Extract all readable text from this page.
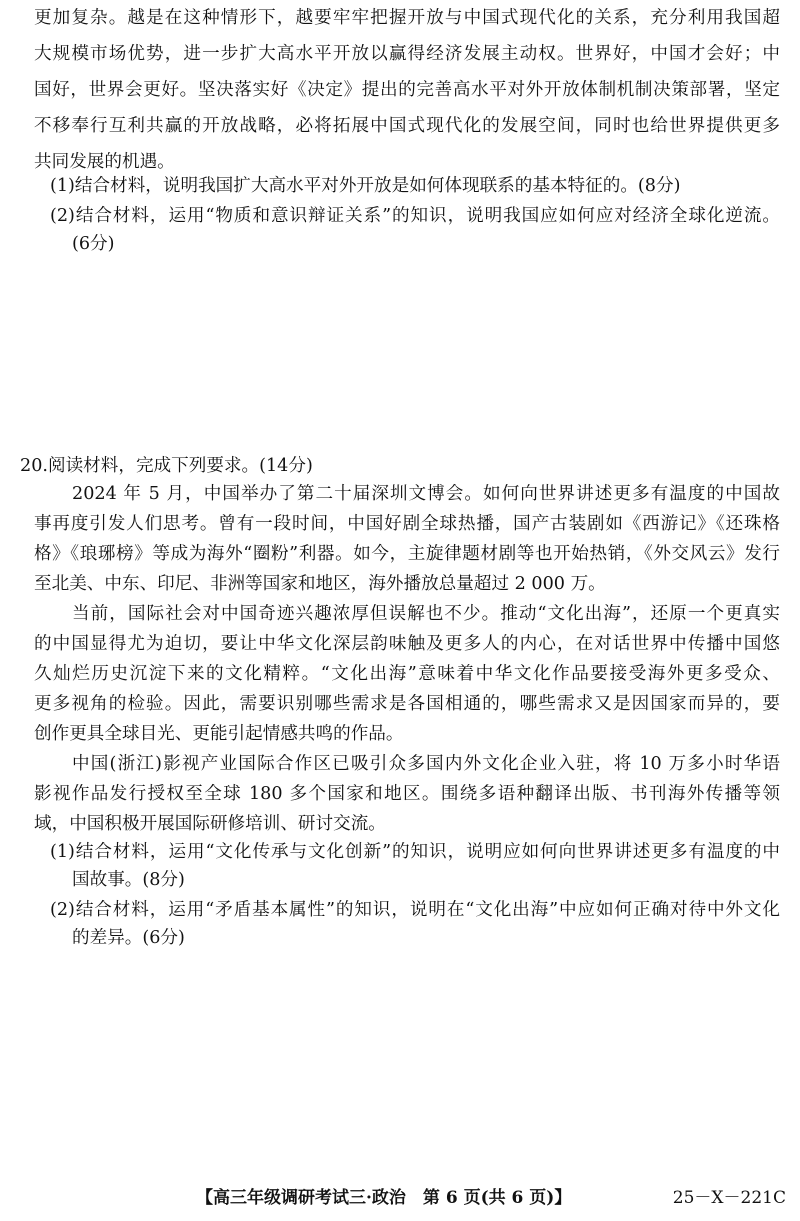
更加复杂。越是在这种情形下，越要牢牢把握开放与中国式现代化的关系，充分利用我国超
大规模市场优势，进一步扩大高水平开放以赢得经济发展主动权。世界好，中国才会好；中
国好，世界会更好。坚决落实好《决定》提出的完善高水平对外开放体制机制决策部署，坚定
不移奉行互利共赢的开放战略，必将拓展中国式现代化的发展空间，同时也给世界提供更多
共同发展的机遇。
(1)结合材料，说明我国扩大高水平对外开放是如何体现联系的基本特征的。(8分)
(2)结合材料，运用“物质和意识辩证关系”的知识，说明我国应如何应对经济全球化逆流。
(6分)
20.阅读材料，完成下列要求。(14分)
2024 年 5 月，中国举办了第二十届深圳文博会。如何向世界讲述更多有温度的中国故
事再度引发人们思考。曾有一段时间，中国好剧全球热播，国产古装剧如《西游记》《还珠格
格》《琅琊榜》等成为海外“圈粉”利器。如今，主旋律题材剧等也开始热销，《外交风云》发行
至北美、中东、印尼、非洲等国家和地区，海外播放总量超过 2 000 万。
当前，国际社会对中国奇迹兴趣浓厚但误解也不少。推动“文化出海”，还原一个更真实
的中国显得尤为迫切，要让中华文化深层韵味触及更多人的内心，在对话世界中传播中国悠
久灿烂历史沉淀下来的文化精粹。“文化出海”意味着中华文化作品要接受海外更多受众、
更多视角的检验。因此，需要识别哪些需求是各国相通的，哪些需求又是因国家而异的，要
创作更具全球目光、更能引起情感共鸣的作品。
中国(浙江)影视产业国际合作区已吸引众多国内外文化企业入驻，将 10 万多小时华语
影视作品发行授权至全球 180 多个国家和地区。围绕多语种翻译出版、书刊海外传播等领
域，中国积极开展国际研修培训、研讨交流。
(1)结合材料，运用“文化传承与文化创新”的知识，说明应如何向世界讲述更多有温度的中
国故事。(8分)
(2)结合材料，运用“矛盾基本属性”的知识，说明在“文化出海”中应如何正确对待中外文化
的差异。(6分)
【高三年级调研考试三·政治　第 6 页(共 6 页)】	25－X－221C
